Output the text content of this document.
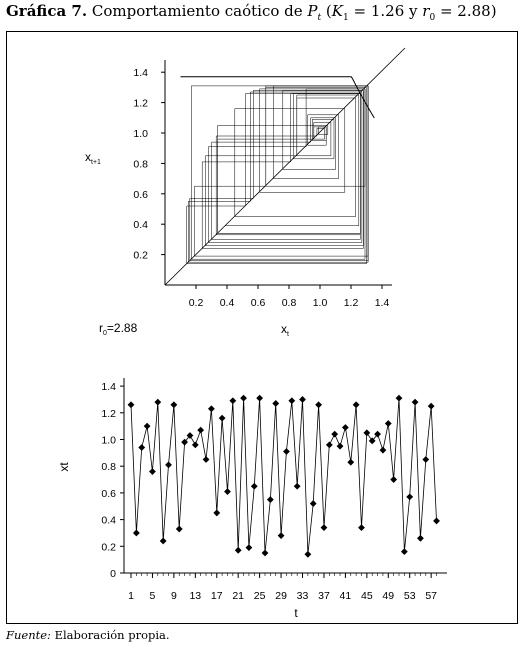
Gráfica 7. Comportamiento caótico de $P_t$ ($K_1 = 1.26$ y $r_0 = 2.88$)
0.2 0.4 0.6 0.8 1.0 1.2 1.4
0.2
0.4
0.6
0.8
1.0
1.2
1.4
0
0.2
0.4
0.6
0.8
1.0
1.2
1.4
1 5 9 13 17 21 25 29 33 37 41 45 49 53 57
$x_{t+1}$
$x_t$
$r_0=2.88$
xt
t
Fuente: Elaboración propia.
